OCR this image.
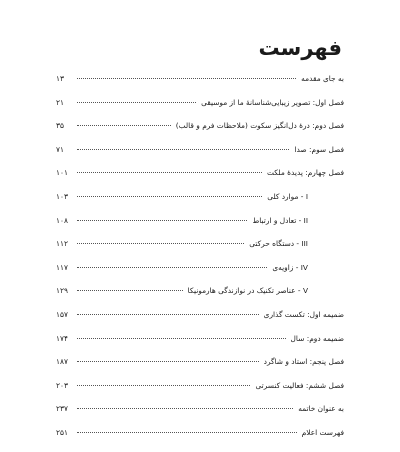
فهرست
به جای مقدمه
۱۳
فصل اول: تصویر زیبایی‌شناسانهٔ ما از موسیقی
۲۱
فصل دوم: درهٔ دل‌انگیز سکوت (ملاحظات فرم و قالب)
۳۵
فصل سوم: صدا
۷۱
فصل چهارم: پدیدهٔ ملکت
۱۰۱
I - موارد کلی
۱۰۳
II - تعادل و ارتباط
۱۰۸
III - دستگاه حرکتی
۱۱۲
IV - زاویه‌ی
۱۱۷
V - عناصر تکنیک در نوازندگی هارمونیکا
۱۲۹
ضمیمه اول: تکست گذاری
۱۵۷
ضمیمه دوم: سال
۱۷۴
فصل پنجم: استاد و شاگرد
۱۸۷
فصل ششم: فعالیت کنسرتی
۲۰۳
به عنوان خاتمه
۲۳۷
فهرست اعلام
۲۵۱
